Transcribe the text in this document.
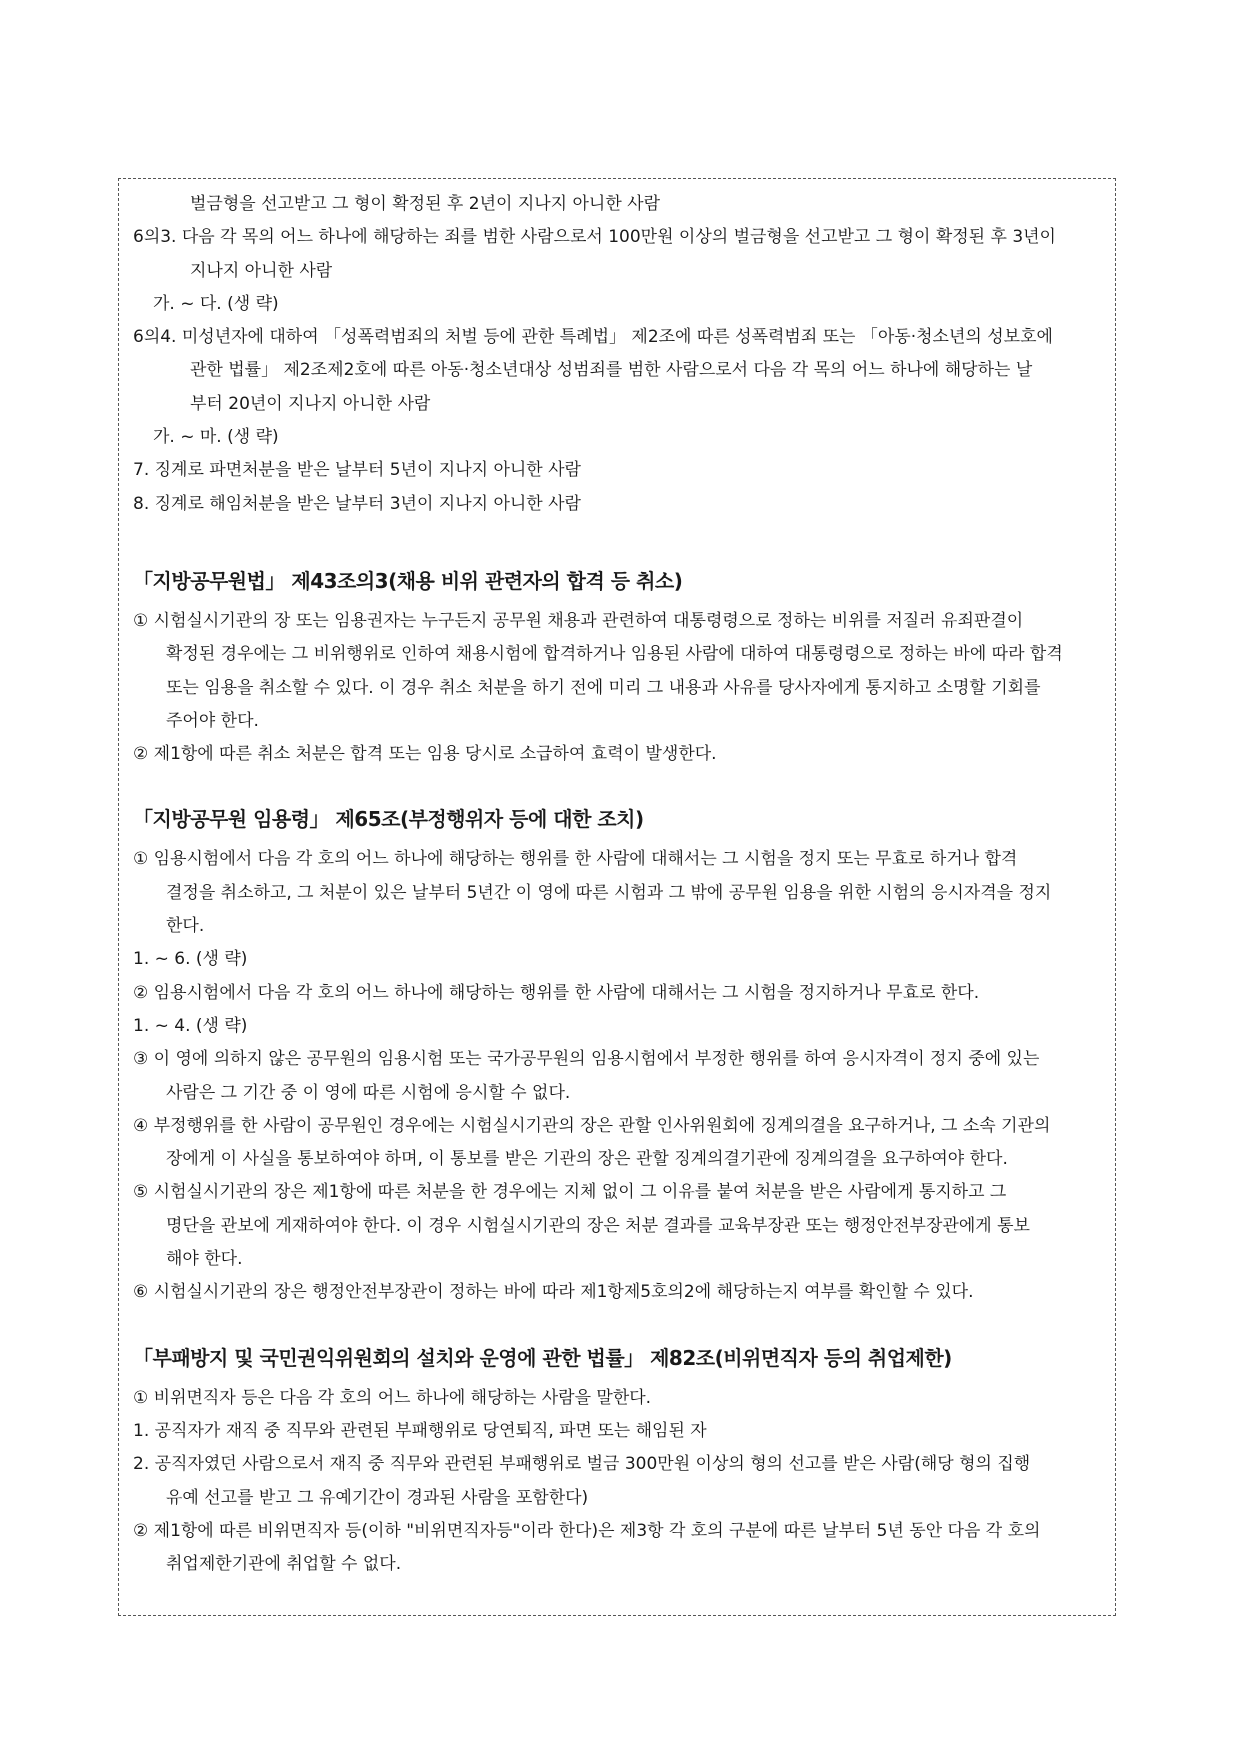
벌금형을 선고받고 그 형이 확정된 후 2년이 지나지 아니한 사람
6의3. 다음 각 목의 어느 하나에 해당하는 죄를 범한 사람으로서 100만원 이상의 벌금형을 선고받고 그 형이 확정된 후 3년이
지나지 아니한 사람
가. ~ 다. (생 략)
6의4. 미성년자에 대하여 「성폭력범죄의 처벌 등에 관한 특례법」 제2조에 따른 성폭력범죄 또는 「아동·청소년의 성보호에
관한 법률」 제2조제2호에 따른 아동·청소년대상 성범죄를 범한 사람으로서 다음 각 목의 어느 하나에 해당하는 날
부터 20년이 지나지 아니한 사람
가. ~ 마. (생 략)
7. 징계로 파면처분을 받은 날부터 5년이 지나지 아니한 사람
8. 징계로 해임처분을 받은 날부터 3년이 지나지 아니한 사람
「지방공무원법」 제43조의3(채용 비위 관련자의 합격 등 취소)
① 시험실시기관의 장 또는 임용권자는 누구든지 공무원 채용과 관련하여 대통령령으로 정하는 비위를 저질러 유죄판결이
확정된 경우에는 그 비위행위로 인하여 채용시험에 합격하거나 임용된 사람에 대하여 대통령령으로 정하는 바에 따라 합격
또는 임용을 취소할 수 있다. 이 경우 취소 처분을 하기 전에 미리 그 내용과 사유를 당사자에게 통지하고 소명할 기회를
주어야 한다.
② 제1항에 따른 취소 처분은 합격 또는 임용 당시로 소급하여 효력이 발생한다.
「지방공무원 임용령」 제65조(부정행위자 등에 대한 조치)
① 임용시험에서 다음 각 호의 어느 하나에 해당하는 행위를 한 사람에 대해서는 그 시험을 정지 또는 무효로 하거나 합격
결정을 취소하고, 그 처분이 있은 날부터 5년간 이 영에 따른 시험과 그 밖에 공무원 임용을 위한 시험의 응시자격을 정지
한다.
1. ~ 6. (생 략)
② 임용시험에서 다음 각 호의 어느 하나에 해당하는 행위를 한 사람에 대해서는 그 시험을 정지하거나 무효로 한다.
1. ~ 4. (생 략)
③ 이 영에 의하지 않은 공무원의 임용시험 또는 국가공무원의 임용시험에서 부정한 행위를 하여 응시자격이 정지 중에 있는
사람은 그 기간 중 이 영에 따른 시험에 응시할 수 없다.
④ 부정행위를 한 사람이 공무원인 경우에는 시험실시기관의 장은 관할 인사위원회에 징계의결을 요구하거나, 그 소속 기관의
장에게 이 사실을 통보하여야 하며, 이 통보를 받은 기관의 장은 관할 징계의결기관에 징계의결을 요구하여야 한다.
⑤ 시험실시기관의 장은 제1항에 따른 처분을 한 경우에는 지체 없이 그 이유를 붙여 처분을 받은 사람에게 통지하고 그
명단을 관보에 게재하여야 한다. 이 경우 시험실시기관의 장은 처분 결과를 교육부장관 또는 행정안전부장관에게 통보
해야 한다.
⑥ 시험실시기관의 장은 행정안전부장관이 정하는 바에 따라 제1항제5호의2에 해당하는지 여부를 확인할 수 있다.
「부패방지 및 국민권익위원회의 설치와 운영에 관한 법률」 제82조(비위면직자 등의 취업제한)
① 비위면직자 등은 다음 각 호의 어느 하나에 해당하는 사람을 말한다.
1. 공직자가 재직 중 직무와 관련된 부패행위로 당연퇴직, 파면 또는 해임된 자
2. 공직자였던 사람으로서 재직 중 직무와 관련된 부패행위로 벌금 300만원 이상의 형의 선고를 받은 사람(해당 형의 집행
유예 선고를 받고 그 유예기간이 경과된 사람을 포함한다)
② 제1항에 따른 비위면직자 등(이하 "비위면직자등"이라 한다)은 제3항 각 호의 구분에 따른 날부터 5년 동안 다음 각 호의
취업제한기관에 취업할 수 없다.
